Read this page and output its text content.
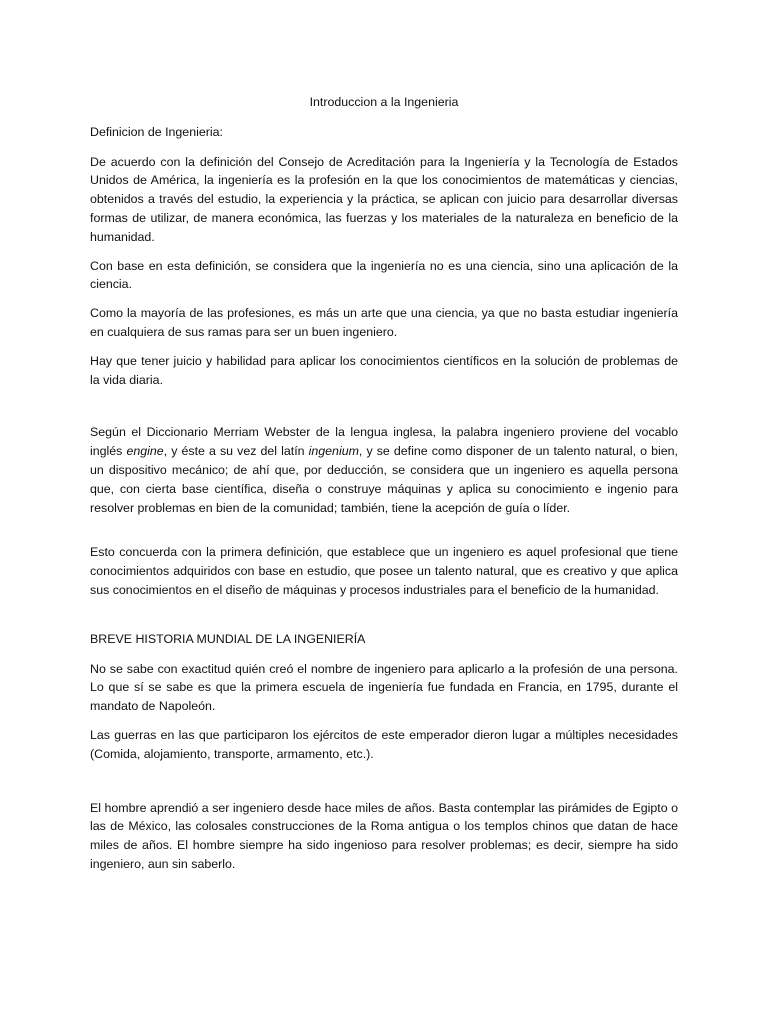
Introduccion a la Ingenieria
Definicion de Ingenieria:

De acuerdo con la definición del Consejo de Acreditación para la Ingeniería y la Tecnología de Estados Unidos de América, la ingeniería es la profesión en la que los conocimientos de matemáticas y ciencias, obtenidos a través del estudio, la experiencia y la práctica, se aplican con juicio para desarrollar diversas formas de utilizar, de manera económica, las fuerzas y los materiales de la naturaleza en beneficio de la humanidad.

Con base en esta definición, se considera que la ingeniería no es una ciencia, sino una aplicación de la ciencia.

Como la mayoría de las profesiones, es más un arte que una ciencia, ya que no basta estudiar ingeniería en cualquiera de sus ramas para ser un buen ingeniero.

Hay que tener juicio y habilidad para aplicar los conocimientos científicos en la solución de problemas de la vida diaria.

Según el Diccionario Merriam Webster de la lengua inglesa, la palabra ingeniero proviene del vocablo inglés engine, y éste a su vez del latín ingenium, y se define como disponer de un talento natural, o bien, un dispositivo mecánico; de ahí que, por deducción, se considera que un ingeniero es aquella persona que, con cierta base científica, diseña o construye máquinas y aplica su conocimiento e ingenio para resolver problemas en bien de la comunidad; también, tiene la acepción de guía o líder.

Esto concuerda con la primera definición, que establece que un ingeniero es aquel profesional que tiene conocimientos adquiridos con base en estudio, que posee un talento natural, que es creativo y que aplica sus conocimientos en el diseño de máquinas y procesos industriales para el beneficio de la humanidad.

BREVE HISTORIA MUNDIAL DE LA INGENIERÍA

No se sabe con exactitud quién creó el nombre de ingeniero para aplicarlo a la profesión de una persona. Lo que sí se sabe es que la primera escuela de ingeniería fue fundada en Francia, en 1795, durante el mandato de Napoleón.

Las guerras en las que participaron los ejércitos de este emperador dieron lugar a múltiples necesidades (Comida, alojamiento, transporte, armamento, etc.).

El hombre aprendió a ser ingeniero desde hace miles de años. Basta contemplar las pirámides de Egipto o las de México, las colosales construcciones de la Roma antigua o los templos chinos que datan de hace miles de años. El hombre siempre ha sido ingenioso para resolver problemas; es decir, siempre ha sido ingeniero, aun sin saberlo.
